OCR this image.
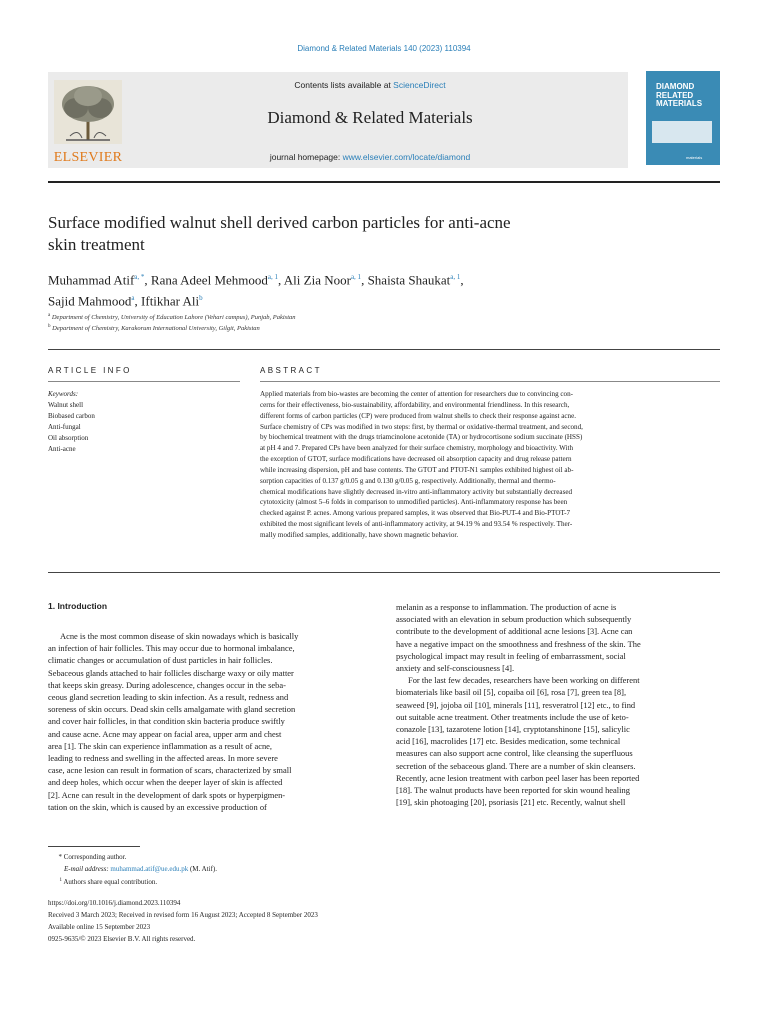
Diamond & Related Materials 140 (2023) 110394
ELSEVIER
Contents lists available at ScienceDirect
Diamond & Related Materials
journal homepage: www.elsevier.com/locate/diamond
DIAMOND RELATED MATERIALS
materials
Surface modified walnut shell derived carbon particles for anti-acne
skin treatment
Muhammad Atif$^{a, *}$, Rana Adeel Mehmood$^{a, 1}$, Ali Zia Noor$^{a, 1}$, Shaista Shaukat$^{a, 1}$,
Sajid Mahmood$^a$, Iftikhar Ali$^b$
$^a$ Department of Chemistry, University of Education Lahore (Vehari campus), Punjab, Pakistan
$^b$ Department of Chemistry, Karakorum International University, Gilgit, Pakistan
ARTICLE INFO	ABSTRACT
Keywords:
Walnut shell
Biobased carbon
Anti-fungal
Oil absorption
Anti-acne
Applied materials from bio-wastes are becoming the center of attention for researchers due to convincing con-
cerns for their effectiveness, bio-sustainability, affordability, and environmental friendliness. In this research,
different forms of carbon particles (CP) were produced from walnut shells to check their response against acne.
Surface chemistry of CPs was modified in two steps: first, by thermal or oxidative-thermal treatment, and second,
by biochemical treatment with the drugs triamcinolone acetonide (TA) or hydrocortisone sodium succinate (HSS)
at pH 4 and 7. Prepared CPs have been analyzed for their surface chemistry, morphology and bioactivity. With
the exception of GTOT, surface modifications have decreased oil absorption capacity and drug release pattern
while increasing dispersion, pH and base contents. The GTOT and PTOT-N1 samples exhibited highest oil ab-
sorption capacities of 0.137 g/0.05 g and 0.130 g/0.05 g, respectively. Additionally, thermal and thermo-
chemical modifications have slightly decreased in-vitro anti-inflammatory activity but substantially decreased
cytotoxicity (almost 5–6 folds in comparison to unmodified particles). Anti-inflammatory response has been
checked against P. acnes. Among various prepared samples, it was observed that Bio-PUT-4 and Bio-PTOT-7
exhibited the most significant levels of anti-inflammatory activity, at 94.19 % and 93.54 % respectively. Ther-
mally modified samples, additionally, have shown magnetic behavior.
1. Introduction
Acne is the most common disease of skin nowadays which is basically
an infection of hair follicles. This may occur due to hormonal imbalance,
climatic changes or accumulation of dust particles in hair follicles.
Sebaceous glands attached to hair follicles discharge waxy or oily matter
that keeps skin greasy. During adolescence, changes occur in the seba-
ceous gland secretion leading to skin infection. As a result, redness and
soreness of skin occurs. Dead skin cells amalgamate with gland secretion
and cover hair follicles, in that condition skin bacteria produce swiftly
and cause acne. Acne may appear on facial area, upper arm and chest
area [1]. The skin can experience inflammation as a result of acne,
leading to redness and swelling in the affected areas. In more severe
case, acne lesion can result in formation of scars, characterized by small
and deep holes, which occur when the deeper layer of skin is affected
[2]. Acne can result in the development of dark spots or hyperpigmen-
tation on the skin, which is caused by an excessive production of
melanin as a response to inflammation. The production of acne is
associated with an elevation in sebum production which subsequently
contribute to the development of additional acne lesions [3]. Acne can
have a negative impact on the smoothness and freshness of the skin. The
psychological impact may result in feeling of embarrassment, social
anxiety and self-consciousness [4].
For the last few decades, researchers have been working on different
biomaterials like basil oil [5], copaiba oil [6], rosa [7], green tea [8],
seaweed [9], jojoba oil [10], minerals [11], resveratrol [12] etc., to find
out suitable acne treatment. Other treatments include the use of keto-
conazole [13], tazarotene lotion [14], cryptotanshinone [15], salicylic
acid [16], macrolides [17] etc. Besides medication, some technical
measures can also support acne control, like cleansing the superfluous
secretion of the sebaceous gland. There are a number of skin cleansers.
Recently, acne lesion treatment with carbon peel laser has been reported
[18]. The walnut products have been reported for skin wound healing
[19], skin photoaging [20], psoriasis [21] etc. Recently, walnut shell
* Corresponding author.
E-mail address: muhammad.atif@ue.edu.pk (M. Atif).
1 Authors share equal contribution.
https://doi.org/10.1016/j.diamond.2023.110394
Received 3 March 2023; Received in revised form 16 August 2023; Accepted 8 September 2023
Available online 15 September 2023
0925-9635/© 2023 Elsevier B.V. All rights reserved.
